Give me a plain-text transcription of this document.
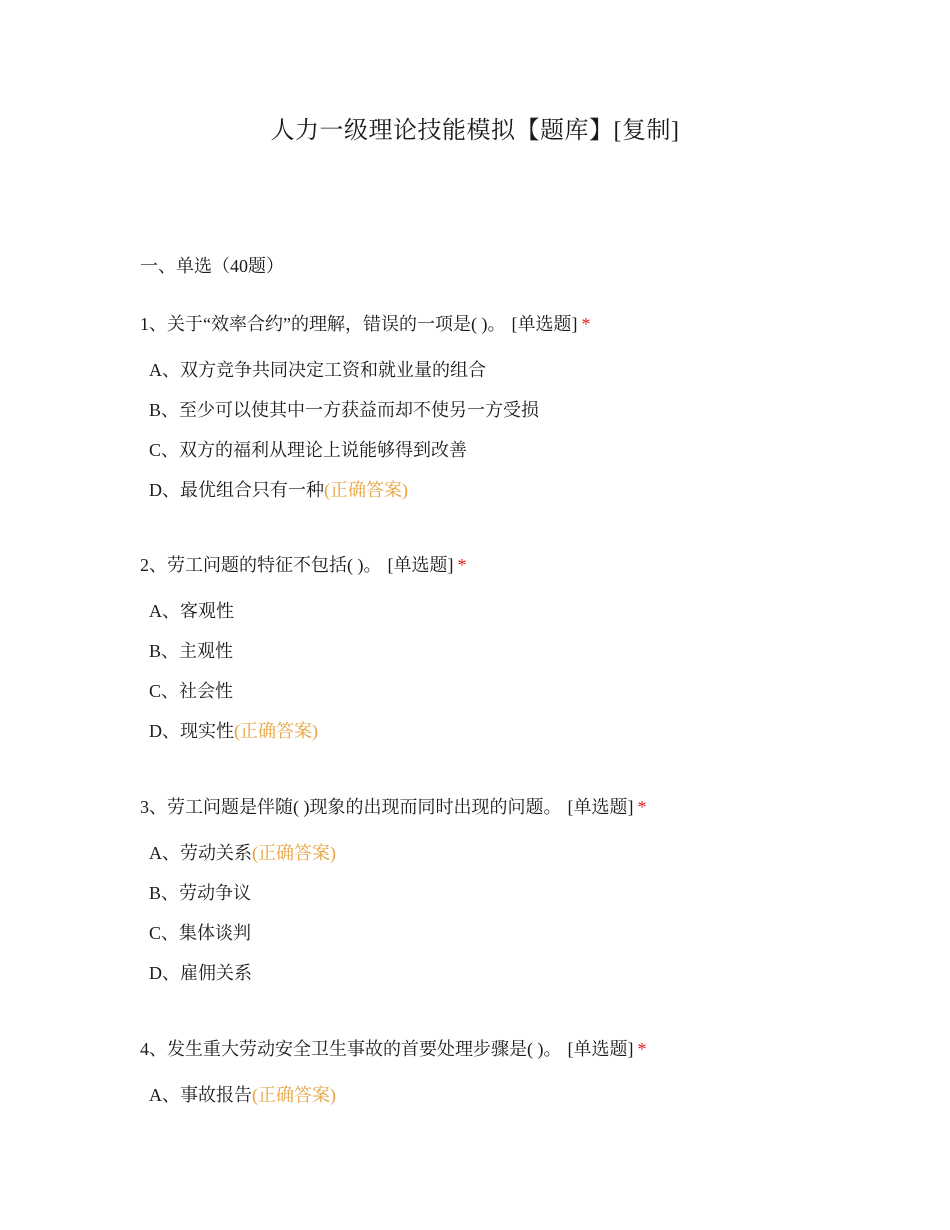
人力一级理论技能模拟【题库】[复制]
一、单选（40题）
1、关于“效率合约”的理解，错误的一项是( )。 [单选题] *
A、双方竞争共同决定工资和就业量的组合
B、至少可以使其中一方获益而却不使另一方受损
C、双方的福利从理论上说能够得到改善
D、最优组合只有一种(正确答案)
2、劳工问题的特征不包括( )。 [单选题] *
A、客观性
B、主观性
C、社会性
D、现实性(正确答案)
3、劳工问题是伴随( )现象的出现而同时出现的问题。 [单选题] *
A、劳动关系(正确答案)
B、劳动争议
C、集体谈判
D、雇佣关系
4、发生重大劳动安全卫生事故的首要处理步骤是( )。 [单选题] *
A、事故报告(正确答案)
